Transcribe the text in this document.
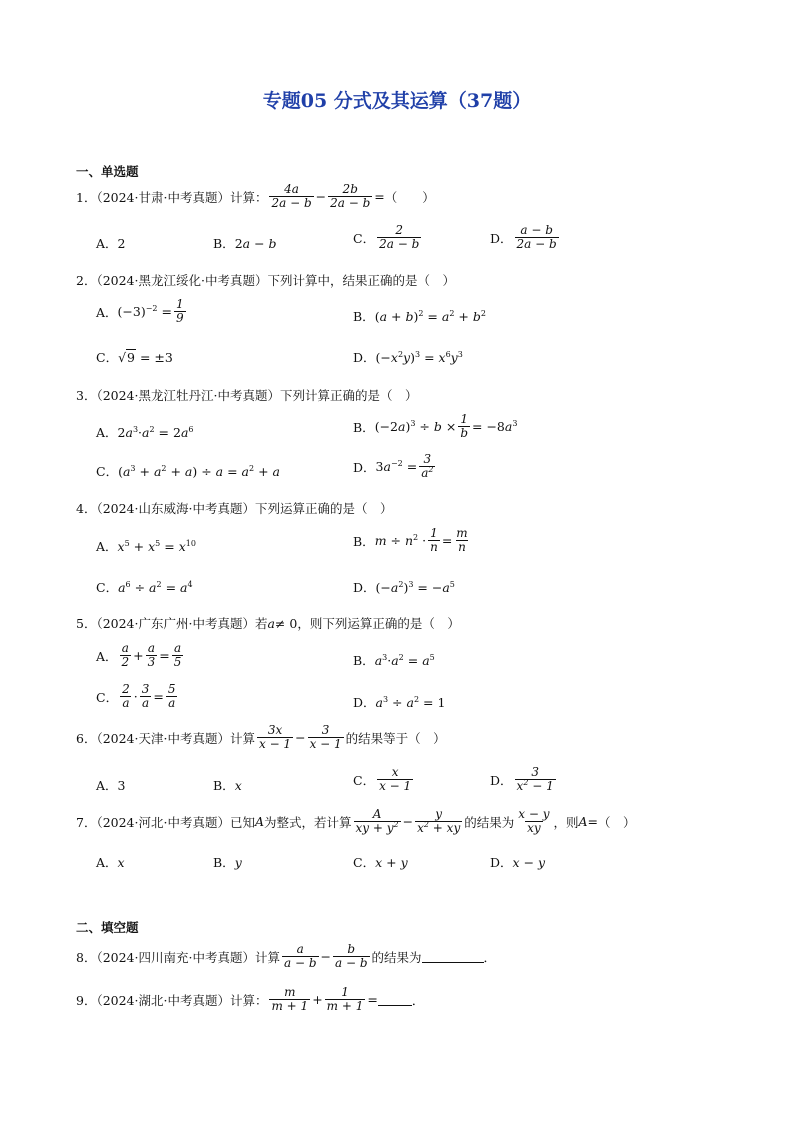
专题05 分式及其运算（37题）
一、单选题
1．（2024·甘肃·中考真题）计算： $\frac{4a}{2a - b} - \frac{2b}{2a - b}$ = （　　）
A．2	B． 2a − b	C． $\frac{2}{2a - b}$	D． $\frac{a - b}{2a - b}$
2．（2024·黑龙江绥化·中考真题）下列计算中，结果正确的是（　）
A． $(-3)^{-2} = \frac{1}{9}$	B． $(a + b)^2 = a^2 + b^2$
C． √9 = ±3	D． $(-x^2y)^3 = x^6y^3$
3．（2024·黑龙江牡丹江·中考真题）下列计算正确的是（　）
A． $2a^3\cdot a^2 = 2a^6$	B． $(-2a)^3 \div b \times \frac{1}{b} = -8a^3$
C． $(a^3 + a^2 + a) \div a = a^2 + a$	D． $3a^{-2} = \frac{3}{a^2}$
4．（2024·山东威海·中考真题）下列运算正确的是（　）
A． $x^5 + x^5 = x^{10}$	B． $m \div n^2 \cdot \frac{1}{n} = \frac{m}{n}$
C． $a^6 \div a^2 = a^4$	D． $(-a^2)^3 = -a^5$
5．（2024·广东广州·中考真题）若 a ≠ 0 ，则下列运算正确的是（　）
A． $\frac{a}{2} + \frac{a}{3} = \frac{a}{5}$	B． $a^3\cdot a^2 = a^5$
C． $\frac{2}{a} \cdot \frac{3}{a} = \frac{5}{a}$	D． $a^3 \div a^2 = 1$
6．（2024·天津·中考真题）计算 $\frac{3x}{x - 1} - \frac{3}{x - 1}$ 的结果等于（　）
A．3	B． x	C． $\frac{x}{x - 1}$	D． $\frac{3}{x^2 - 1}$
7．（2024·河北·中考真题）已知 A 为整式，若计算 $\frac{A}{xy + y^2} - \frac{y}{x^2 + xy}$ 的结果为 $\frac{x - y}{xy}$ ，则 A = （　）
A． x	B． y	C． x + y	D． x − y
二、填空题
8．（2024·四川南充·中考真题）计算 $\frac{a}{a - b} - \frac{b}{a - b}$ 的结果为	．
9．（2024·湖北·中考真题）计算： $\frac{m}{m + 1} + \frac{1}{m + 1}$ =	．
